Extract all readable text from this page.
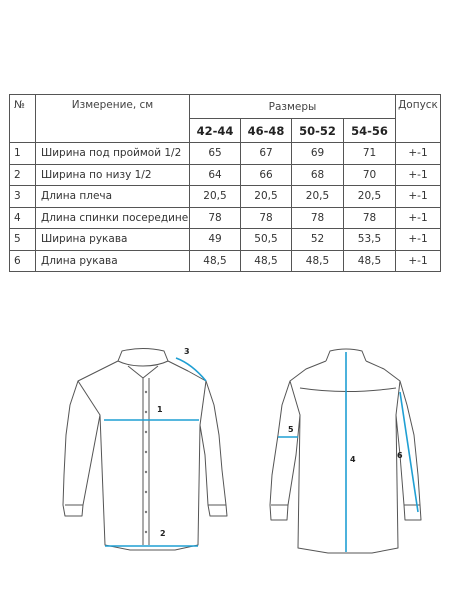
№	Измерение, см	Размеры				Допуск
		42-44	46-48	50-52	54-56	
1	Ширина под проймой 1/2	65	67	69	71	+-1
2	Ширина по низу 1/2	64	66	68	70	+-1
3	Длина плеча	20,5	20,5	20,5	20,5	+-1
4	Длина спинки посередине	78	78	78	78	+-1
5	Ширина рукава	49	50,5	52	53,5	+-1
6	Длина рукава	48,5	48,5	48,5	48,5	+-1
1
2
3
4
5
6
